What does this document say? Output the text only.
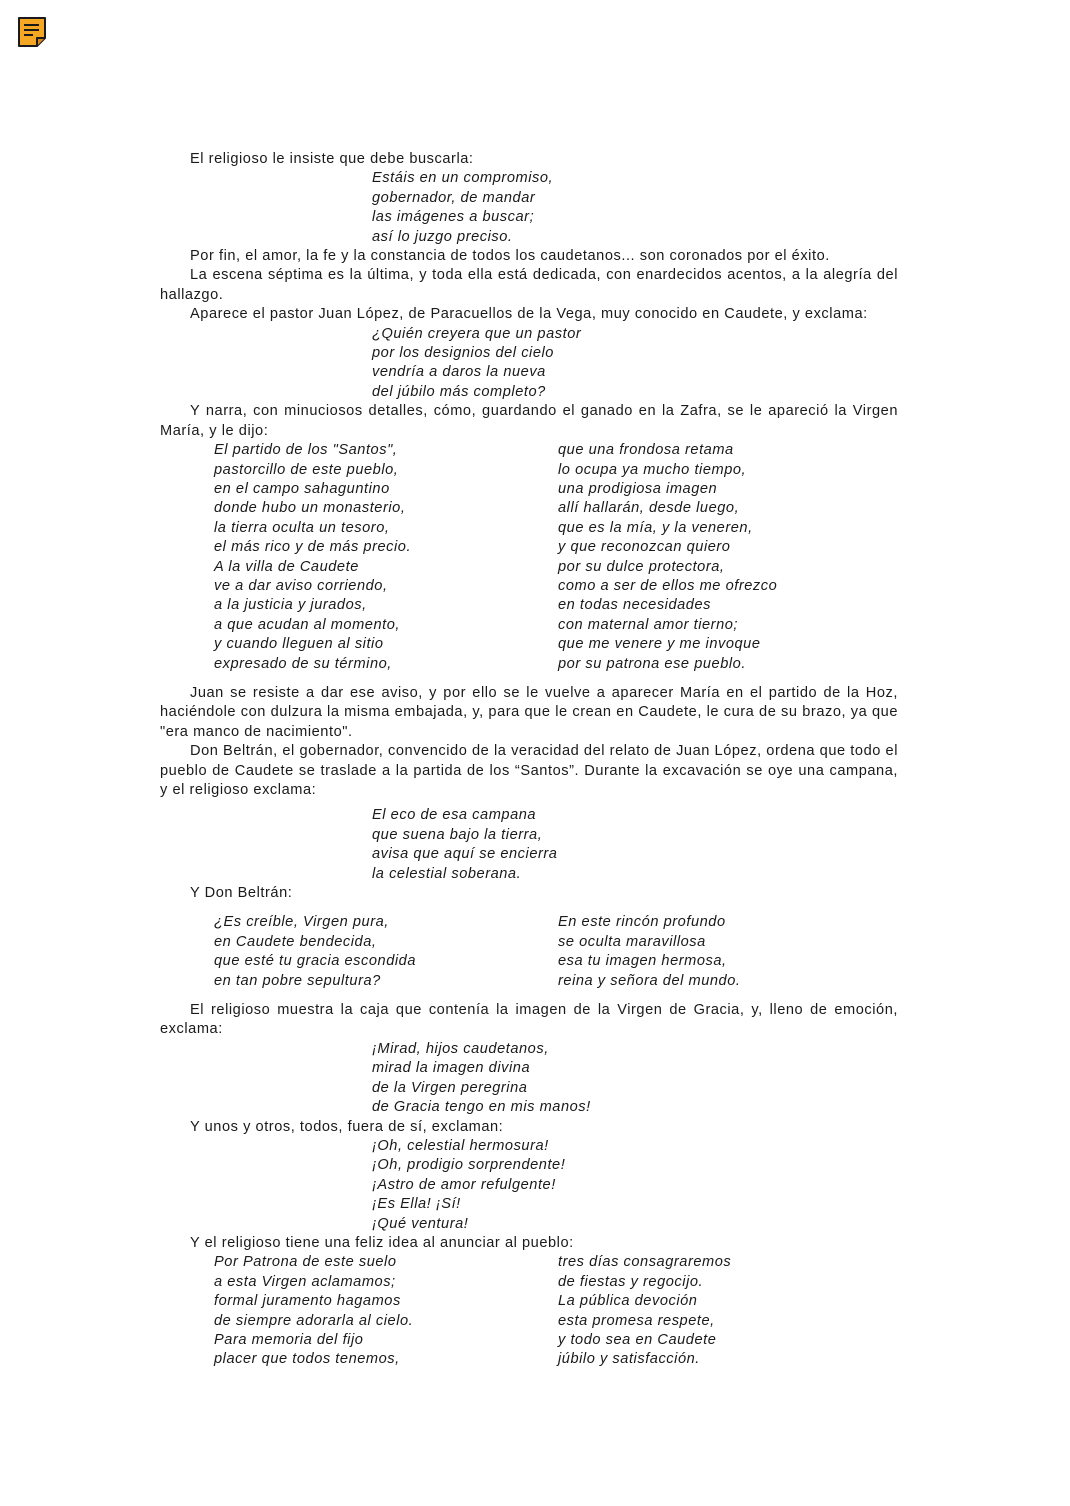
El religioso le insiste que debe buscarla:

Estáis en un compromiso,
gobernador, de mandar
las imágenes a buscar;
así lo juzgo preciso.

Por fin, el amor, la fe y la constancia de todos los caudetanos... son coronados por el éxito.

La escena séptima es la última, y toda ella está dedicada, con enardecidos acentos, a la alegría del hallazgo.

Aparece el pastor Juan López, de Paracuellos de la Vega, muy conocido en Caudete, y exclama:

¿Quién creyera que un pastor
por los designios del cielo
vendría a daros la nueva
del júbilo más completo?

Y narra, con minuciosos detalles, cómo, guardando el ganado en la Zafra, se le apareció la Virgen María, y le dijo:

El partido de los "Santos",
pastorcillo de este pueblo,
en el campo sahaguntino
donde hubo un monasterio,
la tierra oculta un tesoro,
el más rico y de más precio.
A la villa de Caudete
ve a dar aviso corriendo,
a la justicia y jurados,
a que acudan al momento,
y cuando lleguen al sitio
expresado de su término,
que una frondosa retama
lo ocupa ya mucho tiempo,
una prodigiosa imagen
allí hallarán, desde luego,
que es la mía, y la veneren,
y que reconozcan quiero
por su dulce protectora,
como a ser de ellos me ofrezco
en todas necesidades
con maternal amor tierno;
que me venere y me invoque
por su patrona ese pueblo.

Juan se resiste a dar ese aviso, y por ello se le vuelve a aparecer María en el partido de la Hoz, haciéndole con dulzura la misma embajada, y, para que le crean en Caudete, le cura de su brazo, ya que "era manco de nacimiento".

Don Beltrán, el gobernador, convencido de la veracidad del relato de Juan López, ordena que todo el pueblo de Caudete se traslade a la partida de los “Santos”. Durante la excavación se oye una campana, y el religioso exclama:

El eco de esa campana
que suena bajo la tierra,
avisa que aquí se encierra
la celestial soberana.

Y Don Beltrán:

¿Es creíble, Virgen pura,
en Caudete bendecida,
que esté tu gracia escondida
en tan pobre sepultura?
En este rincón profundo
se oculta maravillosa
esa tu imagen hermosa,
reina y señora del mundo.

El religioso muestra la caja que contenía la imagen de la Virgen de Gracia, y, lleno de emoción, exclama:

¡Mirad, hijos caudetanos,
mirad la imagen divina
de la Virgen peregrina
de Gracia tengo en mis manos!

Y unos y otros, todos, fuera de sí, exclaman:

¡Oh, celestial hermosura!
¡Oh, prodigio sorprendente!
¡Astro de amor refulgente!
¡Es Ella! ¡Sí!
¡Qué ventura!

Y el religioso tiene una feliz idea al anunciar al pueblo:

Por Patrona de este suelo
a esta Virgen aclamamos;
formal juramento hagamos
de siempre adorarla al cielo.
Para memoria del fijo
placer que todos tenemos,
tres días consagraremos
de fiestas y regocijo.
La pública devoción
esta promesa respete,
y todo sea en Caudete
júbilo y satisfacción.
